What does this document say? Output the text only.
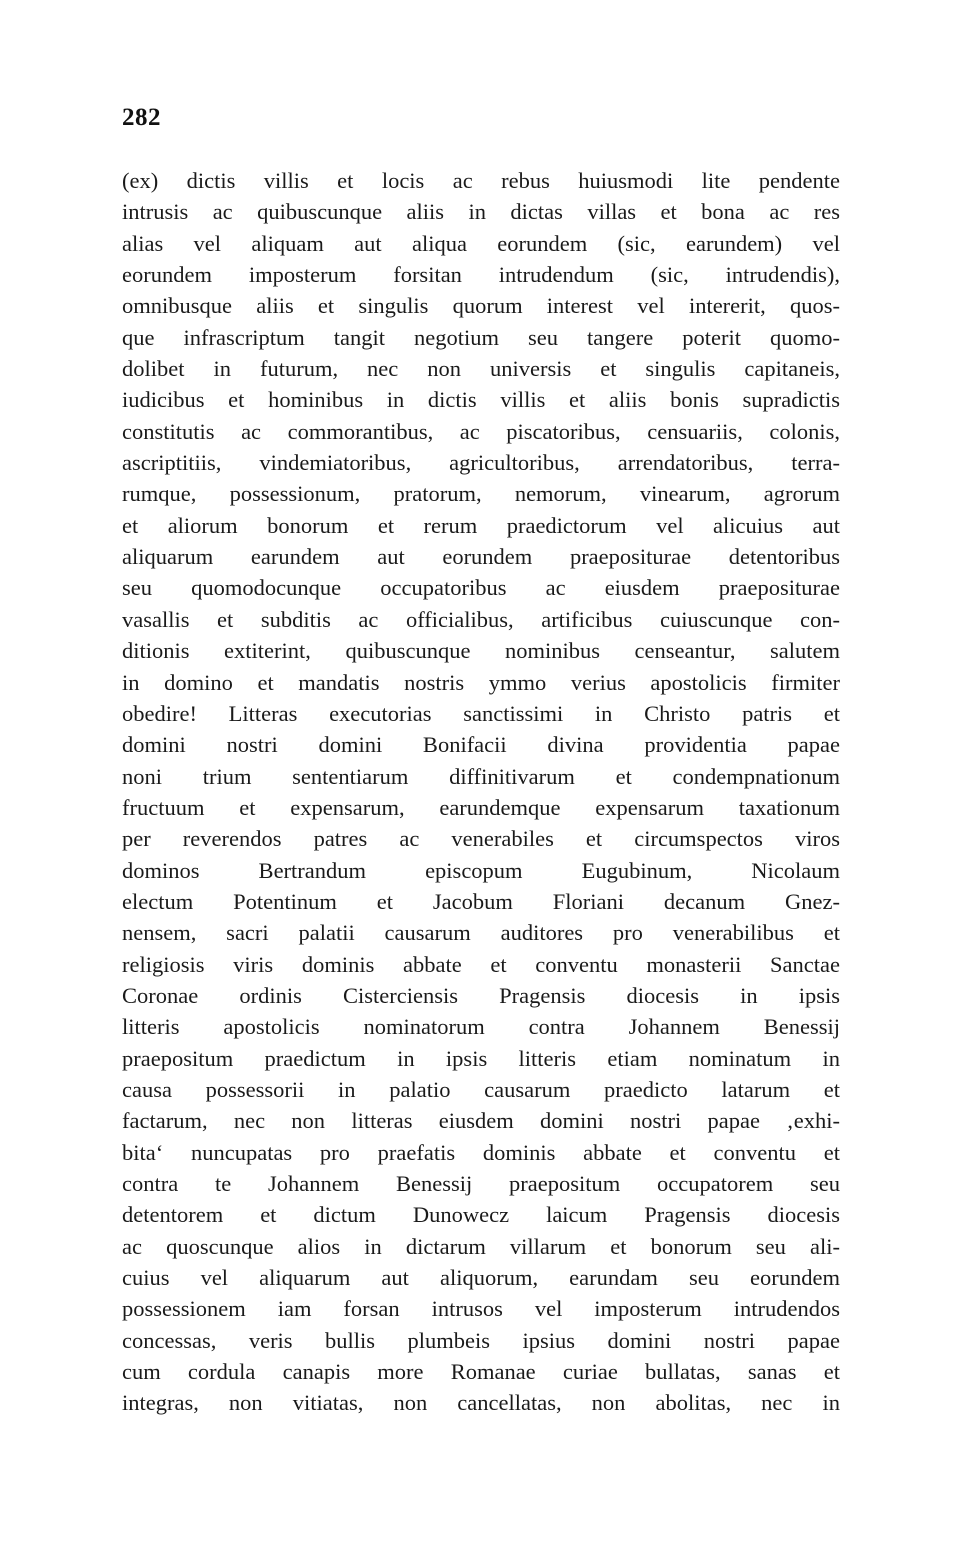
282
(ex) dictis villis et locis ac rebus huiusmodi lite pendente
intrusis ac quibuscunque aliis in dictas villas et bona ac res
alias vel aliquam aut aliqua eorundem (sic, earundem) vel
eorundem imposterum forsitan intrudendum (sic, intrudendis),
omnibusque aliis et singulis quorum interest vel intererit, quos-
que infrascriptum tangit negotium seu tangere poterit quomo-
dolibet in futurum, nec non universis et singulis capitaneis,
iudicibus et hominibus in dictis villis et aliis bonis supradictis
constitutis ac commorantibus, ac piscatoribus, censuariis, colonis,
ascriptitiis, vindemiatoribus, agricultoribus, arrendatoribus, terra-
rumque, possessionum, pratorum, nemorum, vinearum, agrorum
et aliorum bonorum et rerum praedictorum vel alicuius aut
aliquarum earundem aut eorundem praepositurae detentoribus
seu quomodocunque occupatoribus ac eiusdem praepositurae
vasallis et subditis ac officialibus, artificibus cuiuscunque con-
ditionis extiterint, quibuscunque nominibus censeantur, salutem
in domino et mandatis nostris ymmo verius apostolicis firmiter
obedire! Litteras executorias sanctissimi in Christo patris et
domini nostri domini Bonifacii divina providentia papae
noni trium sententiarum diffinitivarum et condempnationum
fructuum et expensarum, earundemque expensarum taxationum
per reverendos patres ac venerabiles et circumspectos viros
dominos Bertrandum episcopum Eugubinum, Nicolaum
electum Potentinum et Jacobum Floriani decanum Gnez-
nensem, sacri palatii causarum auditores pro venerabilibus et
religiosis viris dominis abbate et conventu monasterii Sanctae
Coronae ordinis Cisterciensis Pragensis diocesis in ipsis
litteris apostolicis nominatorum contra Johannem Benessij
praepositum praedictum in ipsis litteris etiam nominatum in
causa possessorii in palatio causarum praedicto latarum et
factarum, nec non litteras eiusdem domini nostri papae ‚exhi-
bita‘ nuncupatas pro praefatis dominis abbate et conventu et
contra te Johannem Benessij praepositum occupatorem seu
detentorem et dictum Dunowecz laicum Pragensis diocesis
ac quoscunque alios in dictarum villarum et bonorum seu ali-
cuius vel aliquarum aut aliquorum, earundam seu eorundem
possessionem iam forsan intrusos vel imposterum intrudendos
concessas, veris bullis plumbeis ipsius domini nostri papae
cum cordula canapis more Romanae curiae bullatas, sanas et
integras, non vitiatas, non cancellatas, non abolitas, nec in
